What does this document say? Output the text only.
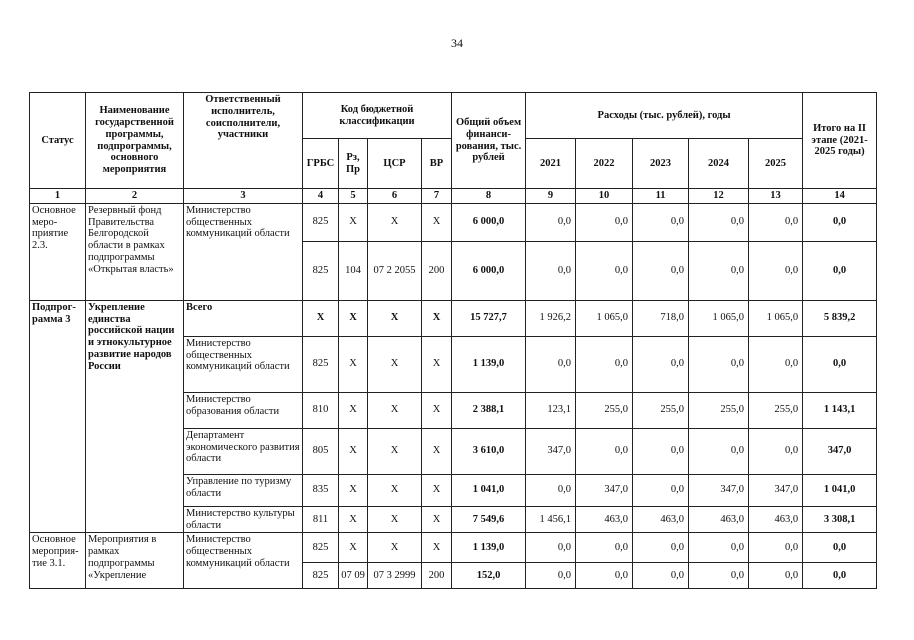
34
Статус	Наименование государственной программы, подпрограммы, основного мероприятия	Ответственный исполнитель, соисполнители, участники	Код бюджетной классификации				Общий объем финанси-рования, тыс. рублей	Расходы (тыс. рублей), годы					Итого на II этапе (2021-2025 годы)
			ГРБС	Рз, Пр	ЦСР	ВР		2021	2022	2023	2024	2025	
1	2	3	4	5	6	7	8	9	10	11	12	13	14
Основное меро-приятие 2.3.	Резервный фонд Правительства Белгородской области в рамках подпрограммы «Открытая власть»	Министерство общественных коммуникаций области	825	X	X	X	6 000,0	0,0	0,0	0,0	0,0	0,0	0,0
			825	104	07 2 2055	200	6 000,0	0,0	0,0	0,0	0,0	0,0	0,0
Подпрог-рамма 3	Укрепление единства российской нации и этнокультурное развитие народов России	Всего	X	X	X	X	15 727,7	1 926,2	1 065,0	718,0	1 065,0	1 065,0	5 839,2
		Министерство общественных коммуникаций области	825	X	X	X	1 139,0	0,0	0,0	0,0	0,0	0,0	0,0
		Министерство образования области	810	X	X	X	2 388,1	123,1	255,0	255,0	255,0	255,0	1 143,1
		Департамент экономического развития области	805	X	X	X	3 610,0	347,0	0,0	0,0	0,0	0,0	347,0
		Управление по туризму области	835	X	X	X	1 041,0	0,0	347,0	0,0	347,0	347,0	1 041,0
		Министерство культуры области	811	X	X	X	7 549,6	1 456,1	463,0	463,0	463,0	463,0	3 308,1
Основное мероприя-тие 3.1.	Мероприятия в рамках подпрограммы «Укрепление	Министерство общественных коммуникаций области	825	X	X	X	1 139,0	0,0	0,0	0,0	0,0	0,0	0,0
			825	07 09	07 3 2999	200	152,0	0,0	0,0	0,0	0,0	0,0	0,0
